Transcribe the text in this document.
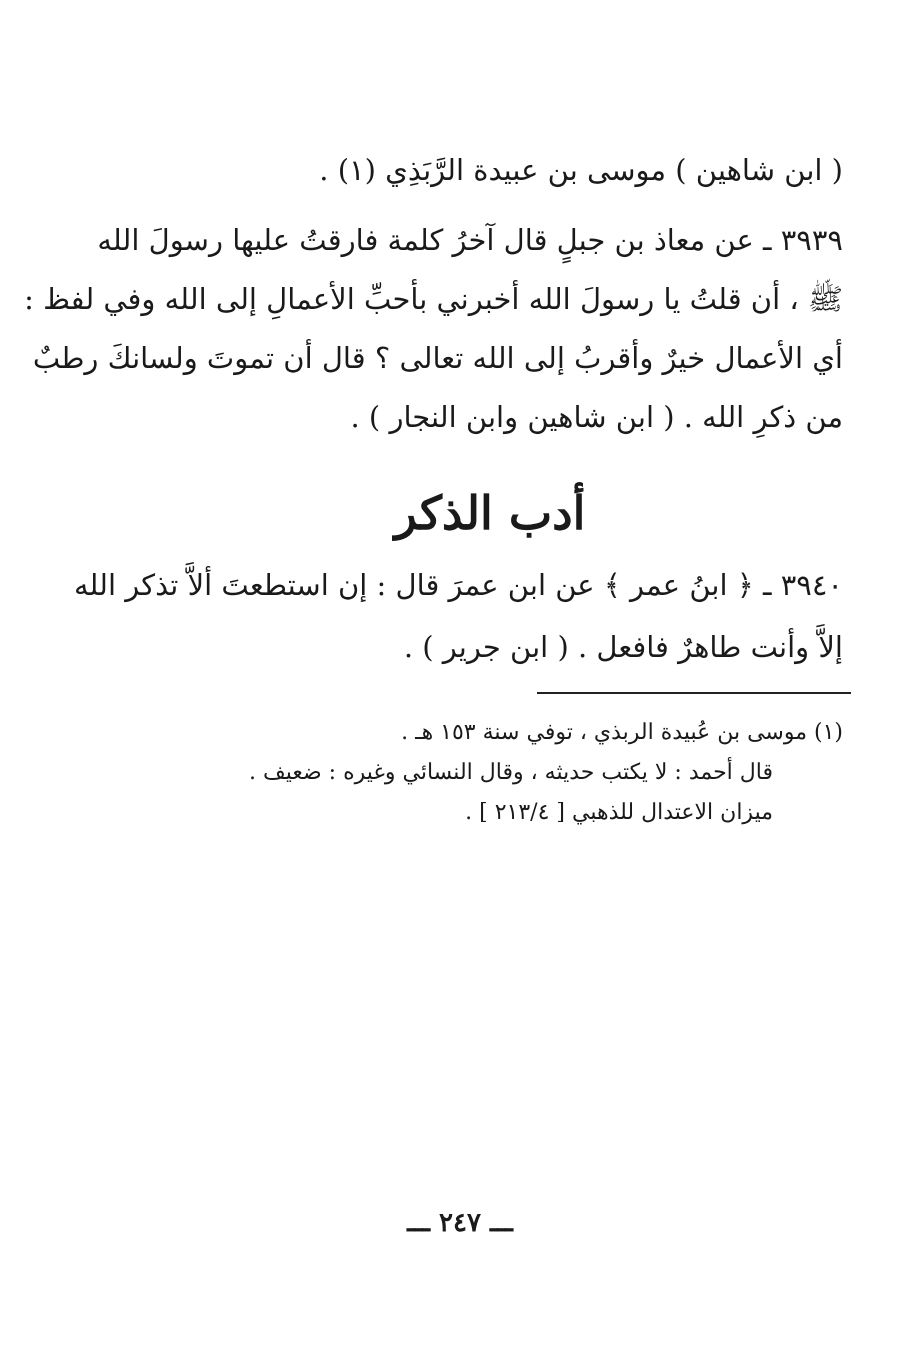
( ابن شاهين ) موسى بن عبيدة الرَّبَذِي (١) .
٣٩٣٩ ـ عن معاذ بن جبلٍ قال آخرُ كلمة فارقتُ عليها رسولَ الله
ﷺ ، أن قلتُ يا رسولَ الله أخبرني بأحبِّ الأعمالِ إلى الله وفي لفظ :
أي الأعمال خيرٌ وأقربُ إلى الله تعالى ؟ قال أن تموتَ ولسانكَ رطبٌ
من ذكرِ الله . ( ابن شاهين وابن النجار ) .
أدب الذكر
٣٩٤٠ ـ ﴿ ابنُ عمر ﴾ عن ابن عمرَ قال : إن استطعتَ ألاَّ تذكر الله
إلاَّ وأنت طاهرٌ فافعل . ( ابن جرير ) .
(١) موسى بن عُبيدة الربذي ، توفي سنة ١٥٣ هـ .
قال أحمد : لا يكتب حديثه ، وقال النسائي وغيره : ضعيف .
ميزان الاعتدال للذهبي [ ٢١٣/٤ ] .
ـــ ٢٤٧ ـــ
